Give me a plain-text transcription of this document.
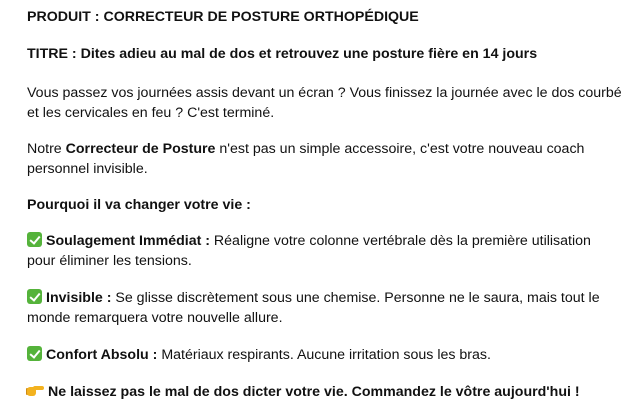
PRODUIT : CORRECTEUR DE POSTURE ORTHOPÉDIQUE

TITRE : Dites adieu au mal de dos et retrouvez une posture fière en 14 jours

Vous passez vos journées assis devant un écran ? Vous finissez la journée avec le dos courbé et les cervicales en feu ? C'est terminé.

Notre Correcteur de Posture n'est pas un simple accessoire, c'est votre nouveau coach personnel invisible.

Pourquoi il va changer votre vie :

Soulagement Immédiat : Réaligne votre colonne vertébrale dès la première utilisation pour éliminer les tensions.

Invisible : Se glisse discrètement sous une chemise. Personne ne le saura, mais tout le monde remarquera votre nouvelle allure.

Confort Absolu : Matériaux respirants. Aucune irritation sous les bras.

Ne laissez pas le mal de dos dicter votre vie. Commandez le vôtre aujourd'hui !
